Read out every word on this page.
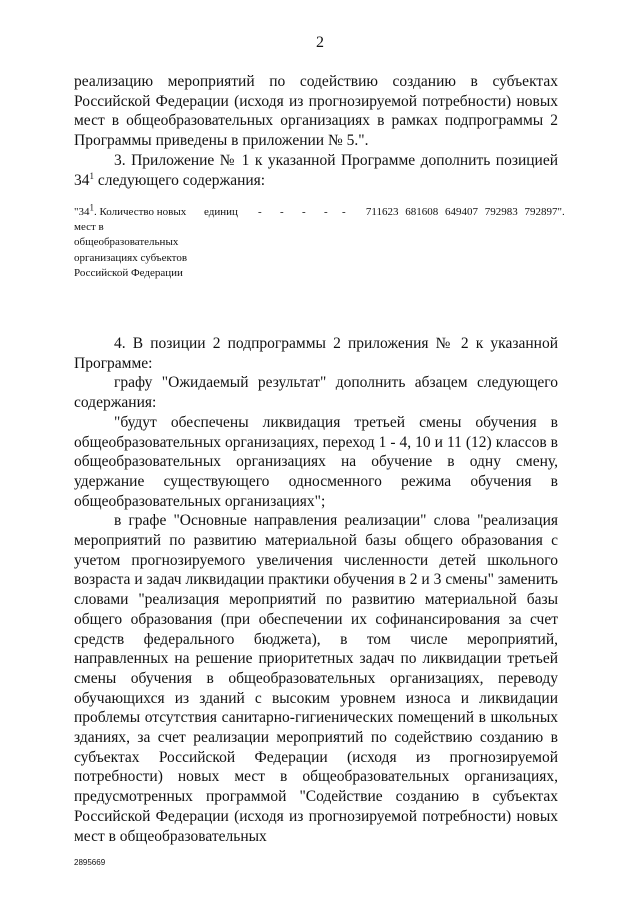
2

реализацию мероприятий по содействию созданию в субъектах Российской Федерации (исходя из прогнозируемой потребности) новых мест в общеобразовательных организациях в рамках подпрограммы 2 Программы приведены в приложении № 5.".

3. Приложение № 1 к указанной Программе дополнить позицией $34^1$ следующего содержания:

"$34^1$. Количество новых мест в общеобразовательных организациях субъектов Российской Федерации
единиц - - - -	- 711623 681608 649407 792983 792897".

4. В позиции 2 подпрограммы 2 приложения № 2 к указанной Программе:

графу "Ожидаемый результат" дополнить абзацем следующего содержания:

"будут обеспечены ликвидация третьей смены обучения в общеобразовательных организациях, переход 1 - 4, 10 и 11 (12) классов в общеобразовательных организациях на обучение в одну смену, удержание существующего односменного режима обучения в общеобразовательных организациях";

в графе "Основные направления реализации" слова "реализация мероприятий по развитию материальной базы общего образования с учетом прогнозируемого увеличения численности детей школьного возраста и задач ликвидации практики обучения в 2 и 3 смены" заменить словами "реализация мероприятий по развитию материальной базы общего образования (при обеспечении их софинансирования за счет средств федерального бюджета), в том числе мероприятий, направленных на решение приоритетных задач по ликвидации третьей смены обучения в общеобразовательных организациях, переводу обучающихся из зданий с высоким уровнем износа и ликвидации проблемы отсутствия санитарно-гигиенических помещений в школьных зданиях, за счет реализации мероприятий по содействию созданию в субъектах Российской Федерации (исходя из прогнозируемой потребности) новых мест в общеобразовательных организациях, предусмотренных программой "Содействие созданию в субъектах Российской Федерации (исходя из прогнозируемой потребности) новых мест в общеобразовательных

2895669
